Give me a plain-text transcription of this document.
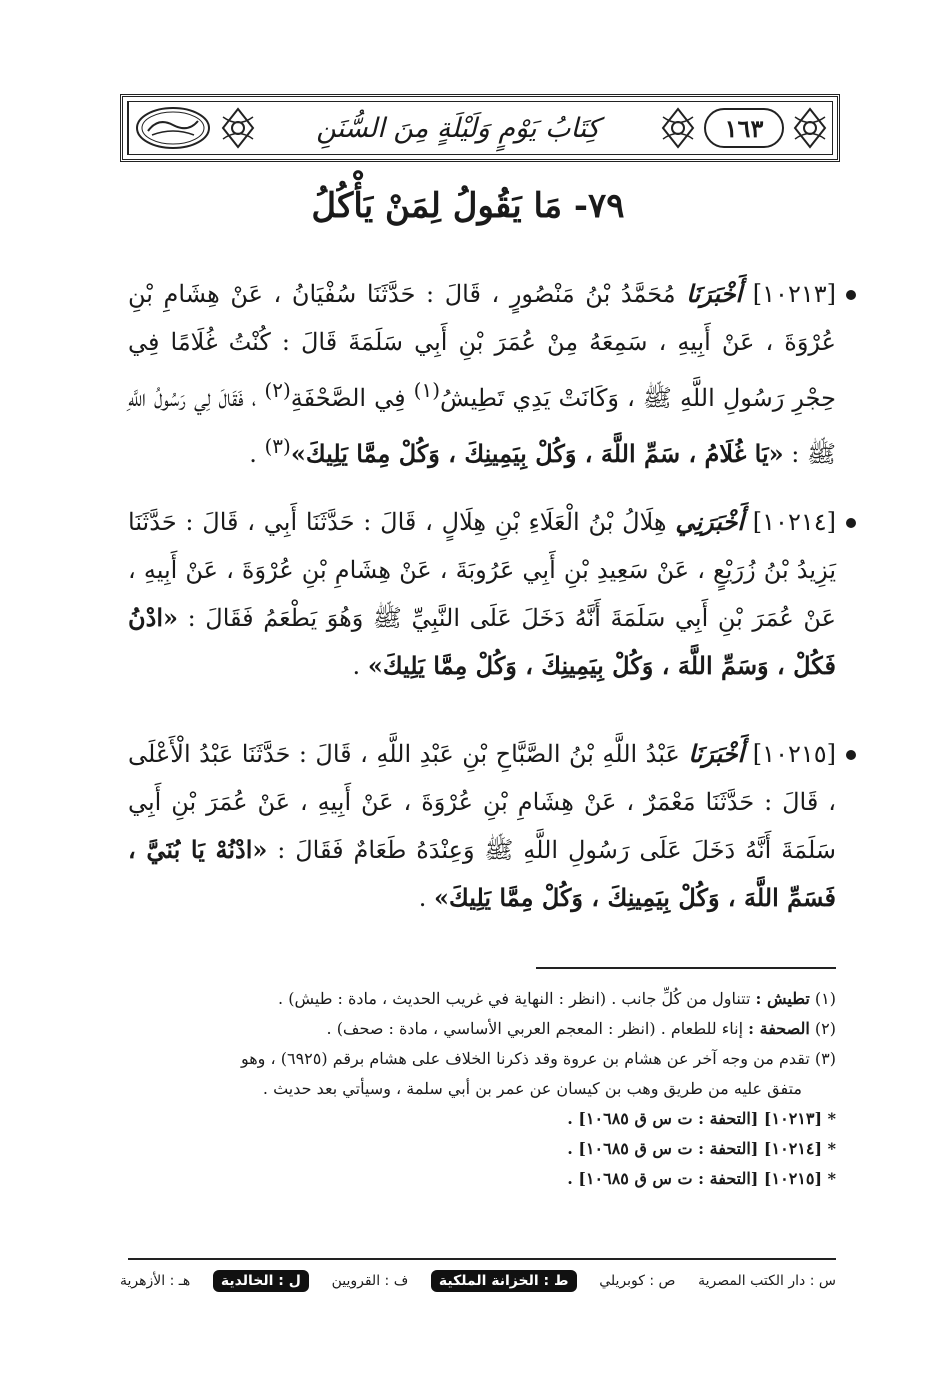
كِتَابُ يَوْمٍ وَلَيْلَةٍ مِنَ السُّنَنِ	١٦٣
٧٩- مَا يَقُولُ لِمَنْ يَأْكُلُ
[١٠٢١٣] أَخْبَرَنَا مُحَمَّدُ بْنُ مَنْصُورٍ ، قَالَ : حَدَّثَنَا سُفْيَانُ ، عَنْ هِشَامِ بْنِ عُرْوَةَ ، عَنْ أَبِيهِ ، سَمِعَهُ مِنْ عُمَرَ بْنِ أَبِي سَلَمَةَ قَالَ : كُنْتُ غُلَامًا فِي حِجْرِ رَسُولِ اللَّهِ ﷺ ، وَكَانَتْ يَدِي تَطِيشُ$^{(١)}$ فِي الصَّحْفَةِ$^{(٢)}$ ، فَقَالَ لِي رَسُولُ اللَّهِ ﷺ : «يَا غُلَامُ ، سَمِّ اللَّهَ ، وَكُلْ بِيَمِينِكَ ، وَكُلْ مِمَّا يَلِيكَ»$^{(٣)}$ .
[١٠٢١٤] أَخْبَرَنِي هِلَالُ بْنُ الْعَلَاءِ بْنِ هِلَالٍ ، قَالَ : حَدَّثَنَا أَبِي ، قَالَ : حَدَّثَنَا يَزِيدُ بْنُ زُرَيْعٍ ، عَنْ سَعِيدِ بْنِ أَبِي عَرُوبَةَ ، عَنْ هِشَامِ بْنِ عُرْوَةَ ، عَنْ أَبِيهِ ، عَنْ عُمَرَ بْنِ أَبِي سَلَمَةَ أَنَّهُ دَخَلَ عَلَى النَّبِيِّ ﷺ وَهُوَ يَطْعَمُ فَقَالَ : «ادْنُ فَكُلْ ، وَسَمِّ اللَّهَ ، وَكُلْ بِيَمِينِكَ ، وَكُلْ مِمَّا يَلِيكَ» .
[١٠٢١٥] أَخْبَرَنَا عَبْدُ اللَّهِ بْنُ الصَّبَّاحِ بْنِ عَبْدِ اللَّهِ ، قَالَ : حَدَّثَنَا عَبْدُ الْأَعْلَى ، قَالَ : حَدَّثَنَا مَعْمَرٌ ، عَنْ هِشَامِ بْنِ عُرْوَةَ ، عَنْ أَبِيهِ ، عَنْ عُمَرَ بْنِ أَبِي سَلَمَةَ أَنَّهُ دَخَلَ عَلَى رَسُولِ اللَّهِ ﷺ وَعِنْدَهُ طَعَامٌ فَقَالَ : «ادْنُهْ يَا بُنَيَّ ، فَسَمِّ اللَّهَ ، وَكُلْ بِيَمِينِكَ ، وَكُلْ مِمَّا يَلِيكَ» .

(١) تطيش : تتناول من كُلِّ جانب . (انظر : النهاية في غريب الحديث ، مادة : طيش) .

(٢) الصحفة : إناء للطعام . (انظر : المعجم العربي الأساسي ، مادة : صحف) .

(٣) تقدم من وجه آخر عن هشام بن عروة وقد ذكرنا الخلاف على هشام برقم (٦٩٢٥) ، وهو

متفق عليه من طريق وهب بن كيسان عن عمر بن أبي سلمة ، وسيأتي بعد حديث .

* [١٠٢١٣] [التحفة : ت س ق ١٠٦٨٥] .

* [١٠٢١٤] [التحفة : ت س ق ١٠٦٨٥] .

* [١٠٢١٥] [التحفة : ت س ق ١٠٦٨٥] .

س : دار الكتب المصرية
ص : كوبريلي
ط : الخزانة الملكية
ف : القرويين
ل : الخالدية
هـ : الأزهرية
